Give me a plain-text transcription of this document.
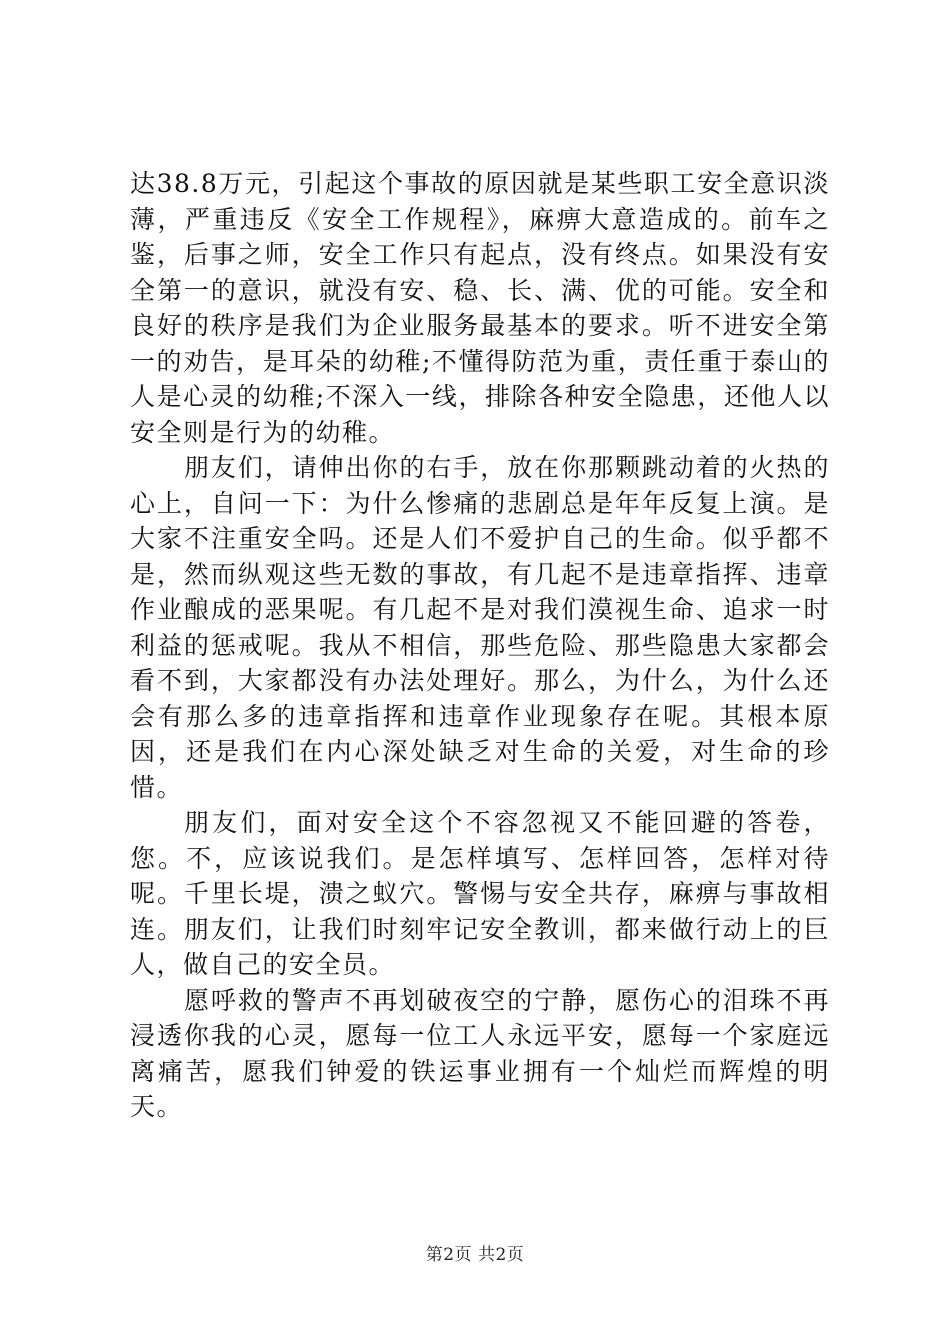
达38.8万元，引起这个事故的原因就是某些职工安全意识淡薄，严重违反《安全工作规程》，麻痹大意造成的。前车之鉴，后事之师，安全工作只有起点，没有终点。如果没有安全第一的意识，就没有安、稳、长、满、优的可能。安全和良好的秩序是我们为企业服务最基本的要求。听不进安全第一的劝告，是耳朵的幼稚;不懂得防范为重，责任重于泰山的人是心灵的幼稚;不深入一线，排除各种安全隐患，还他人以安全则是行为的幼稚。

朋友们，请伸出你的右手，放在你那颗跳动着的火热的心上，自问一下：为什么惨痛的悲剧总是年年反复上演。是大家不注重安全吗。还是人们不爱护自己的生命。似乎都不是，然而纵观这些无数的事故，有几起不是违章指挥、违章作业酿成的恶果呢。有几起不是对我们漠视生命、追求一时利益的惩戒呢。我从不相信，那些危险、那些隐患大家都会看不到，大家都没有办法处理好。那么，为什么，为什么还会有那么多的违章指挥和违章作业现象存在呢。其根本原因，还是我们在内心深处缺乏对生命的关爱，对生命的珍惜。

朋友们，面对安全这个不容忽视又不能回避的答卷，您。不，应该说我们。是怎样填写、怎样回答，怎样对待呢。千里长堤，溃之蚁穴。警惕与安全共存，麻痹与事故相连。朋友们，让我们时刻牢记安全教训，都来做行动上的巨人，做自己的安全员。

愿呼救的警声不再划破夜空的宁静，愿伤心的泪珠不再浸透你我的心灵，愿每一位工人永远平安，愿每一个家庭远离痛苦，愿我们钟爱的铁运事业拥有一个灿烂而辉煌的明天。

第2页 共2页
